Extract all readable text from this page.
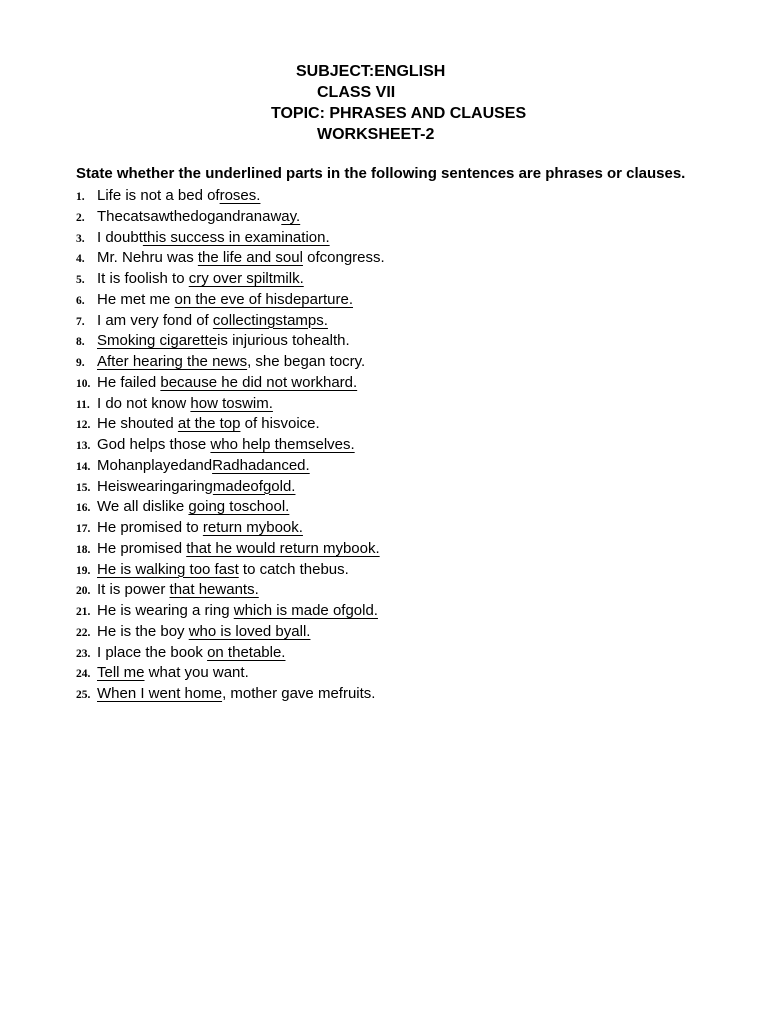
SUBJECT:ENGLISH
CLASS VII
TOPIC: PHRASES AND CLAUSES
WORKSHEET-2
State whether the underlined parts in the following sentences are phrases or clauses.
1. Life is not a bed ofroses.
2. Thecatsawthedogandranaway.
3. I doubtthis success in examination.
4. Mr. Nehru was the life and soul ofcongress.
5. It is foolish to cry over spiltmilk.
6. He met me on the eve of hisdeparture.
7. I am very fond of collectingstamps.
8. Smoking cigaretteis injurious tohealth.
9. After hearing the news, she began tocry.
10. He failed because he did not workhard.
11. I do not know how toswim.
12. He shouted at the top of hisvoice.
13. God helps those who help themselves.
14. MohanplayedandRadhadanced.
15. Heiswearingaringmadeofgold.
16. We all dislike going toschool.
17. He promised to return mybook.
18. He promised that he would return mybook.
19. He is walking too fast to catch thebus.
20. It is power that hewants.
21. He is wearing a ring which is made ofgold.
22. He is the boy who is loved byall.
23. I place the book on thetable.
24. Tell me what you want.
25. When I went home, mother gave mefruits.
